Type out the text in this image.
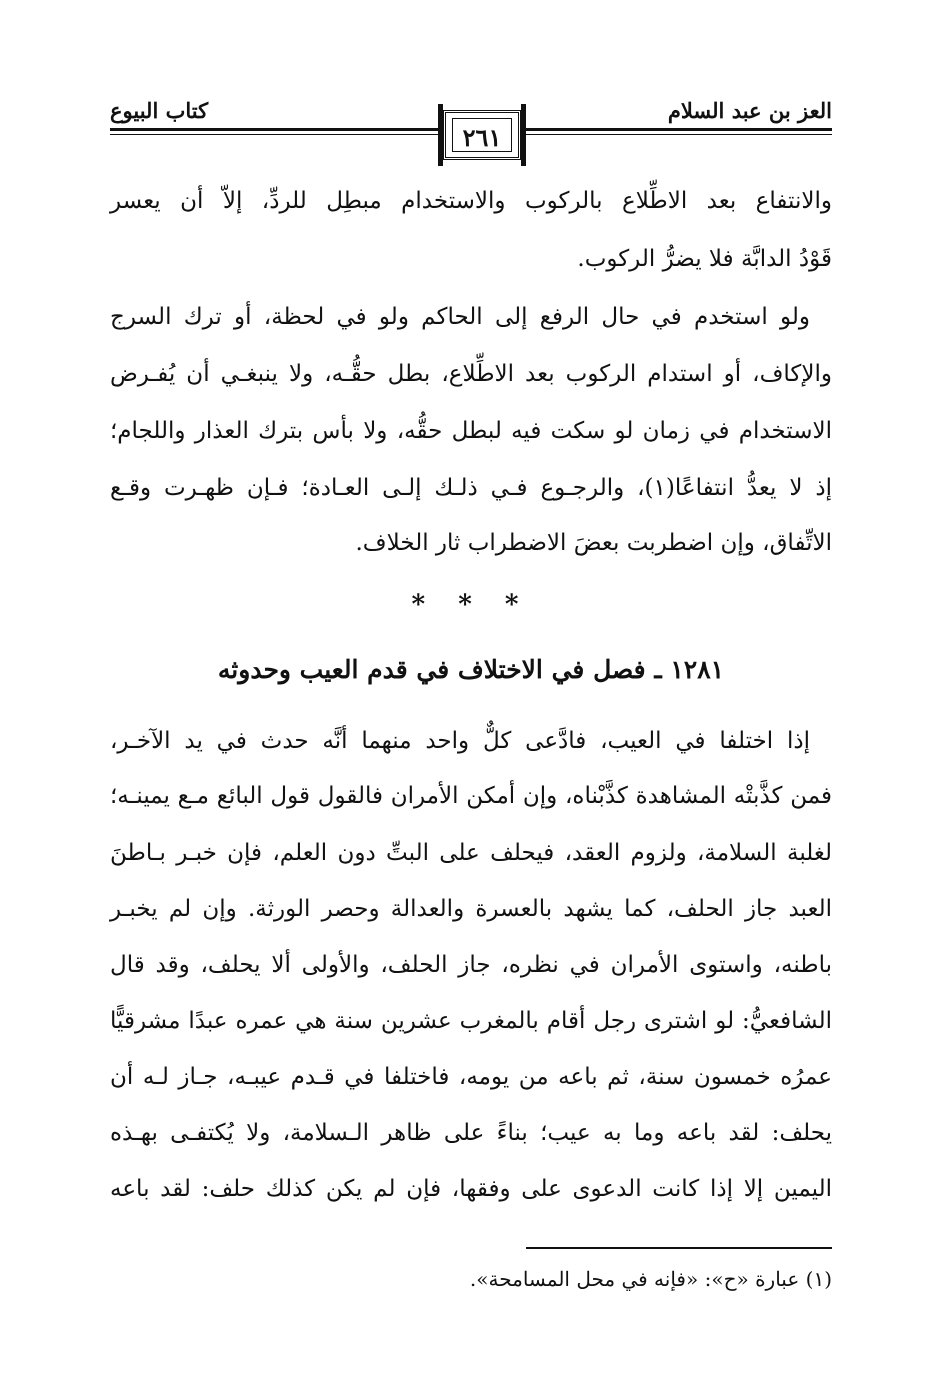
العز بن عبد السلام
كتاب البيوع
٢٦١
والانتفاع بعد الاطِّلاع بالركوب والاستخدام مبطِل للردِّ، إلاّ أن يعسر
قَوْدُ الدابَّة فلا يضرُّ الركوب.
ولو استخدم في حال الرفع إلى الحاكم ولو في لحظة، أو ترك السرج
والإكاف، أو استدام الركوب بعد الاطِّلاع، بطل حقُّـه، ولا ينبغـي أن يُفـرض
الاستخدام في زمان لو سكت فيه لبطل حقُّه، ولا بأس بترك العذار واللجام؛
إذ لا يعدُّ انتفاعًا(١)، والرجـوع فـي ذلـك إلـى العـادة؛ فـإن ظهـرت وقـع
الاتِّفاق، وإن اضطربت بعضَ الاضطراب ثار الخلاف.
* * *
١٢٨١ ـ فصل في الاختلاف في قدم العيب وحدوثه
إذا اختلفا في العيب، فادَّعى كلٌّ واحد منهما أنَّه حدث في يد الآخـر،
فمن كذَّبتْه المشاهدة كذَّبْناه، وإن أمكن الأمران فالقول قول البائع مـع يمينـه؛
لغلبة السلامة، ولزوم العقد، فيحلف على البتِّ دون العلم، فإن خبـر بـاطنَ
العبد جاز الحلف، كما يشهد بالعسرة والعدالة وحصر الورثة. وإن لم يخبـر
باطنه، واستوى الأمران في نظره، جاز الحلف، والأولى ألا يحلف، وقد قال
الشافعيُّ: لو اشترى رجل أقام بالمغرب عشرين سنة هي عمره عبدًا مشرقيًّا
عمرُه خمسون سنة، ثم باعه من يومه، فاختلفا في قـدم عيبـه، جـاز لـه أن
يحلف: لقد باعه وما به عيب؛ بناءً على ظاهر الـسلامة، ولا يُكتفـى بهـذه
اليمين إلا إذا كانت الدعوى على وفقها، فإن لم يكن كذلك حلف: لقد باعه
(١) عبارة «ح»: «فإنه في محل المسامحة».
